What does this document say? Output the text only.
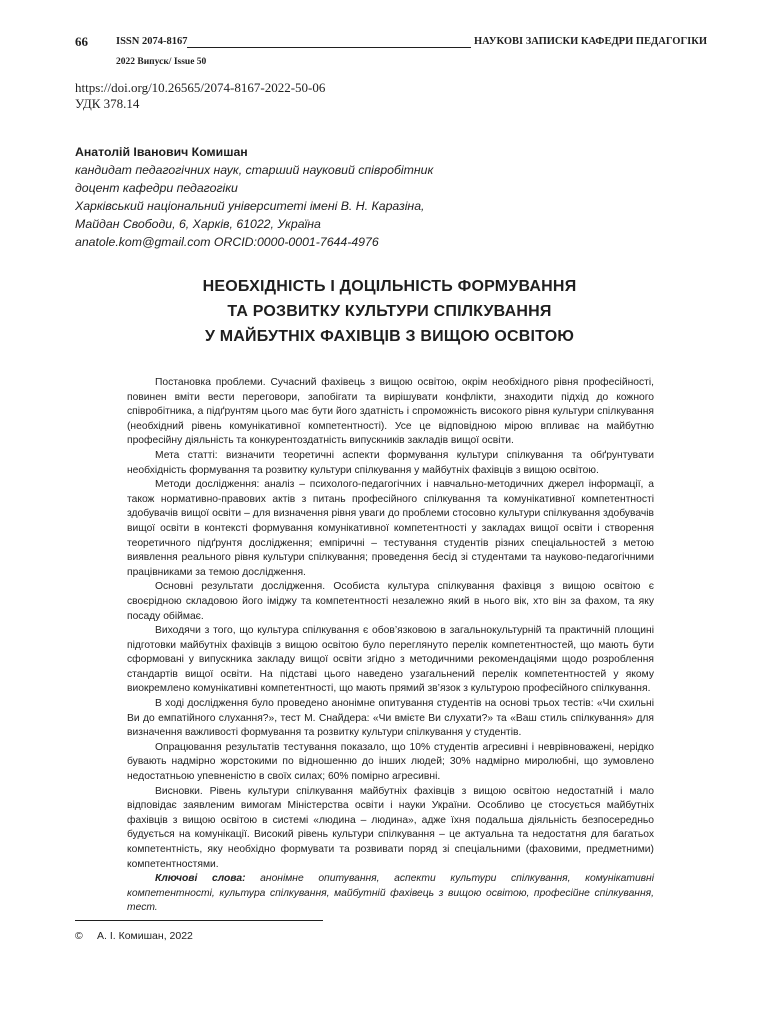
66	ISSN 2074-8167	НАУКОВІ ЗАПИСКИ КАФЕДРИ ПЕДАГОГІКИ
2022 Випуск/ Issue 50
https://doi.org/10.26565/2074-8167-2022-50-06
УДК 378.14
Анатолій Іванович Комишан
кандидат педагогічних наук, старший науковий співробітник
доцент кафедри педагогіки
Харківський національний університеті імені В. Н. Каразіна,
Майдан Свободи, 6, Харків, 61022, Україна
anatole.kom@gmail.com ORCID:0000-0001-7644-4976
НЕОБХІДНІСТЬ І ДОЦІЛЬНІСТЬ ФОРМУВАННЯ
ТА РОЗВИТКУ КУЛЬТУРИ СПІЛКУВАННЯ
У МАЙБУТНІХ ФАХІВЦІВ З ВИЩОЮ ОСВІТОЮ

Постановка проблеми. Сучасний фахівець з вищою освітою, окрім необхідного рівня професійності, повинен вміти вести переговори, запобігати та вирішувати конфлікти, знаходити підхід до кожного співробітника, а підґрунтям цього має бути його здатність і спроможність високого рівня культури спілкування (необхідний рівень комунікативної компетентності). Усе це відповідною мірою впливає на майбутню професійну діяльність та конкурентоздатність випускників закладів вищої освіти.

Мета статті: визначити теоретичні аспекти формування культури спілкування та обґрунтувати необхідність формування та розвитку культури спілкування у майбутніх фахівців з вищою освітою.

Методи дослідження: аналіз – психолого-педагогічних і навчально-методичних джерел інформації, а також нормативно-правових актів з питань професійного спілкування та комунікативної компетентності здобувачів вищої освіти – для визначення рівня уваги до проблеми стосовно культури спілкування здобувачів вищої освіти в контексті формування комунікативної компетентності у закладах вищої освіти і створення теоретичного підґрунтя дослідження; емпіричні – тестування студентів різних спеціальностей з метою виявлення реального рівня культури спілкування; проведення бесід зі студентами та науково-педагогічними працівниками за темою дослідження.

Основні результати дослідження. Особиста культура спілкування фахівця з вищою освітою є своєрідною складовою його іміджу та компетентності незалежно який в нього вік, хто він за фахом, та яку посаду обіймає.

Виходячи з того, що культура спілкування є обов’язковою в загальнокультурній та практичній площині підготовки майбутніх фахівців з вищою освітою було переглянуто перелік компетентностей, що мають бути сформовані у випускника закладу вищої освіти згідно з методичними рекомендаціями щодо розроблення стандартів вищої освіти. На підставі цього наведено узагальнений перелік компетентностей у якому виокремлено комунікативні компетентності, що мають прямий зв’язок з культурою професійного спілкування.

В ході дослідження було проведено анонімне опитування студентів на основі трьох тестів: «Чи схильні Ви до емпатійного слухання?», тест М. Снайдера: «Чи вмієте Ви слухати?» та «Ваш стиль спілкування» для визначення важливості формування та розвитку культури спілкування у студентів.

Опрацювання результатів тестування показало, що 10% студентів агресивні і неврівноважені, нерідко бувають надмірно жорстокими по відношенню до інших людей; 30% надмірно миролюбні, що зумовлено недостатньою упевненістю в своїх силах; 60% помірно агресивні.

Висновки. Рівень культури спілкування майбутніх фахівців з вищою освітою недостатній і мало відповідає заявленим вимогам Міністерства освіти і науки України. Особливо це стосується майбутніх фахівців з вищою освітою в системі «людина – людина», адже їхня подальша діяльність безпосередньо будується на комунікації. Високий рівень культури спілкування – це актуальна та недостатня для багатьох компетентність, яку необхідно формувати та розвивати поряд зі спеціальними (фаховими, предметними) компетентностями.

Ключові слова: анонімне опитування, аспекти культури спілкування, комунікативні компетентності, культура спілкування, майбутній фахівець з вищою освітою, професійне спілкування, тест.

© А. І. Комишан, 2022
